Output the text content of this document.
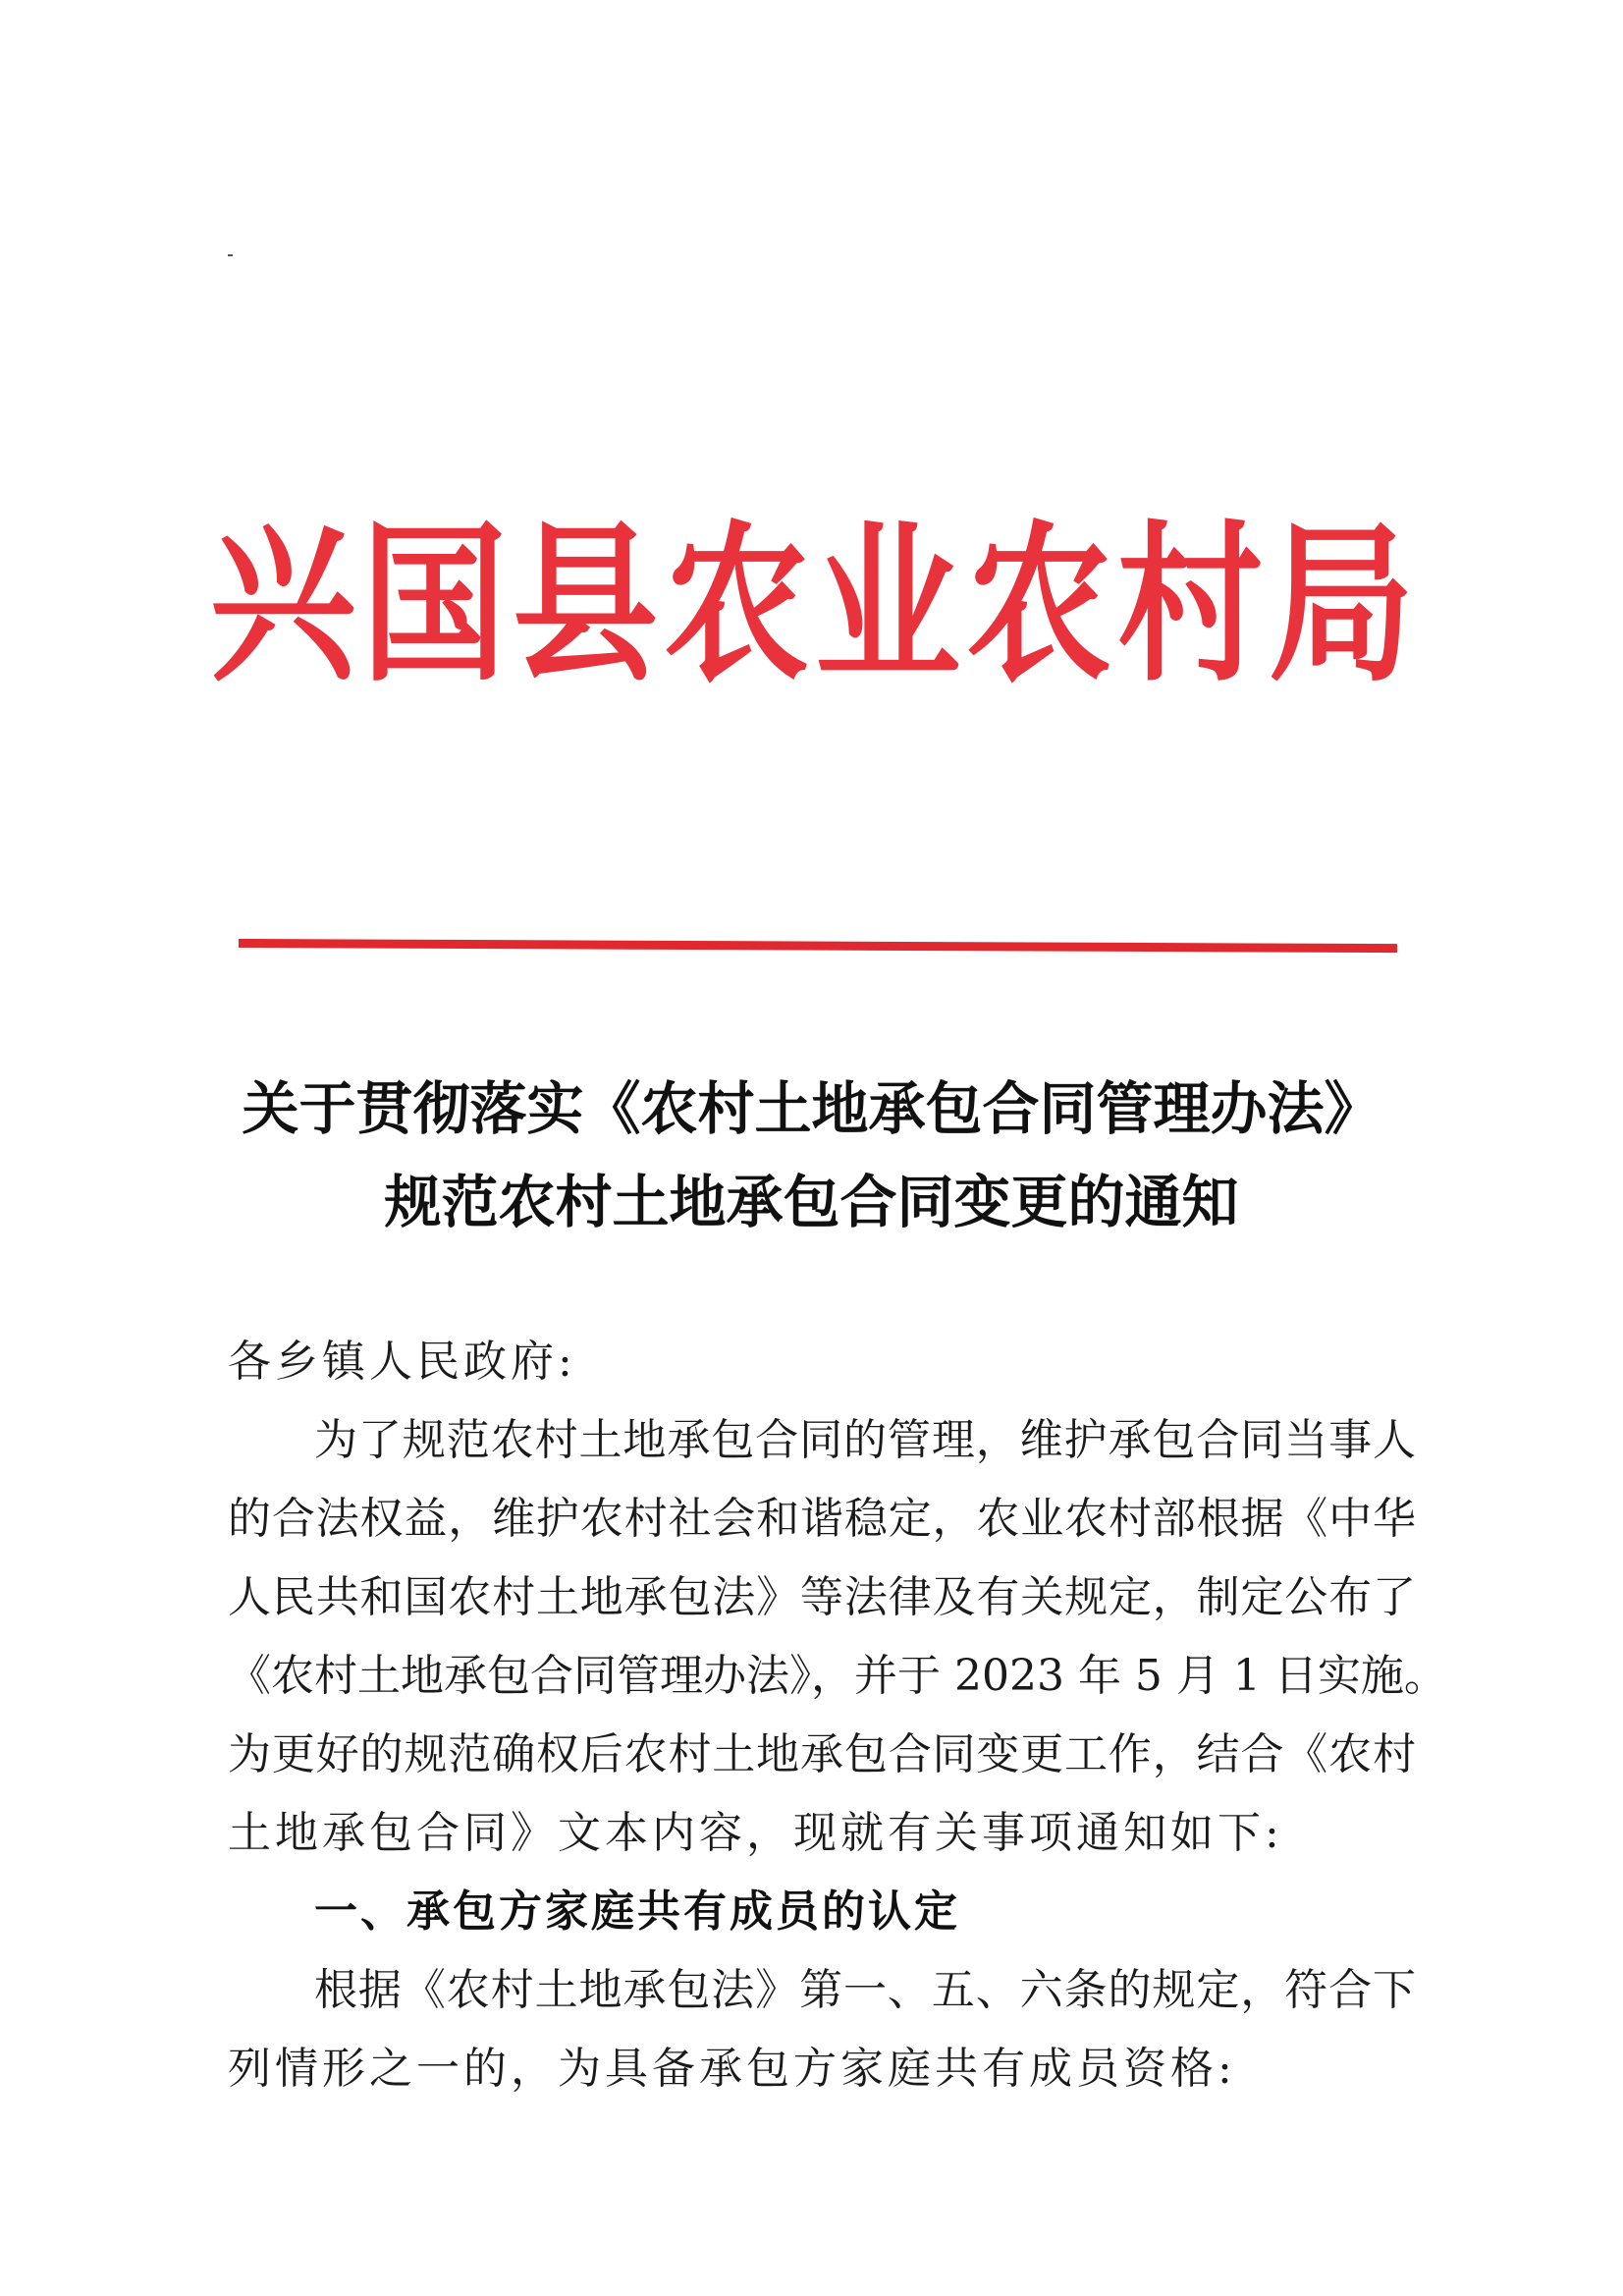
兴国县农业农村局
关于贯彻落实《农村土地承包合同管理办法》
规范农村土地承包合同变更的通知
各乡镇人民政府:
为了规范农村土地承包合同的管理，维护承包合同当事人
的合法权益，维护农村社会和谐稳定，农业农村部根据《中华
人民共和国农村土地承包法》等法律及有关规定，制定公布了
《农村土地承包合同管理办法》，并于 2023 年 5 月 1 日实施。
为更好的规范确权后农村土地承包合同变更工作，结合《农村
土地承包合同》文本内容，现就有关事项通知如下:
一、承包方家庭共有成员的认定
根据《农村土地承包法》第一、五、六条的规定，符合下
列情形之一的，为具备承包方家庭共有成员资格:
